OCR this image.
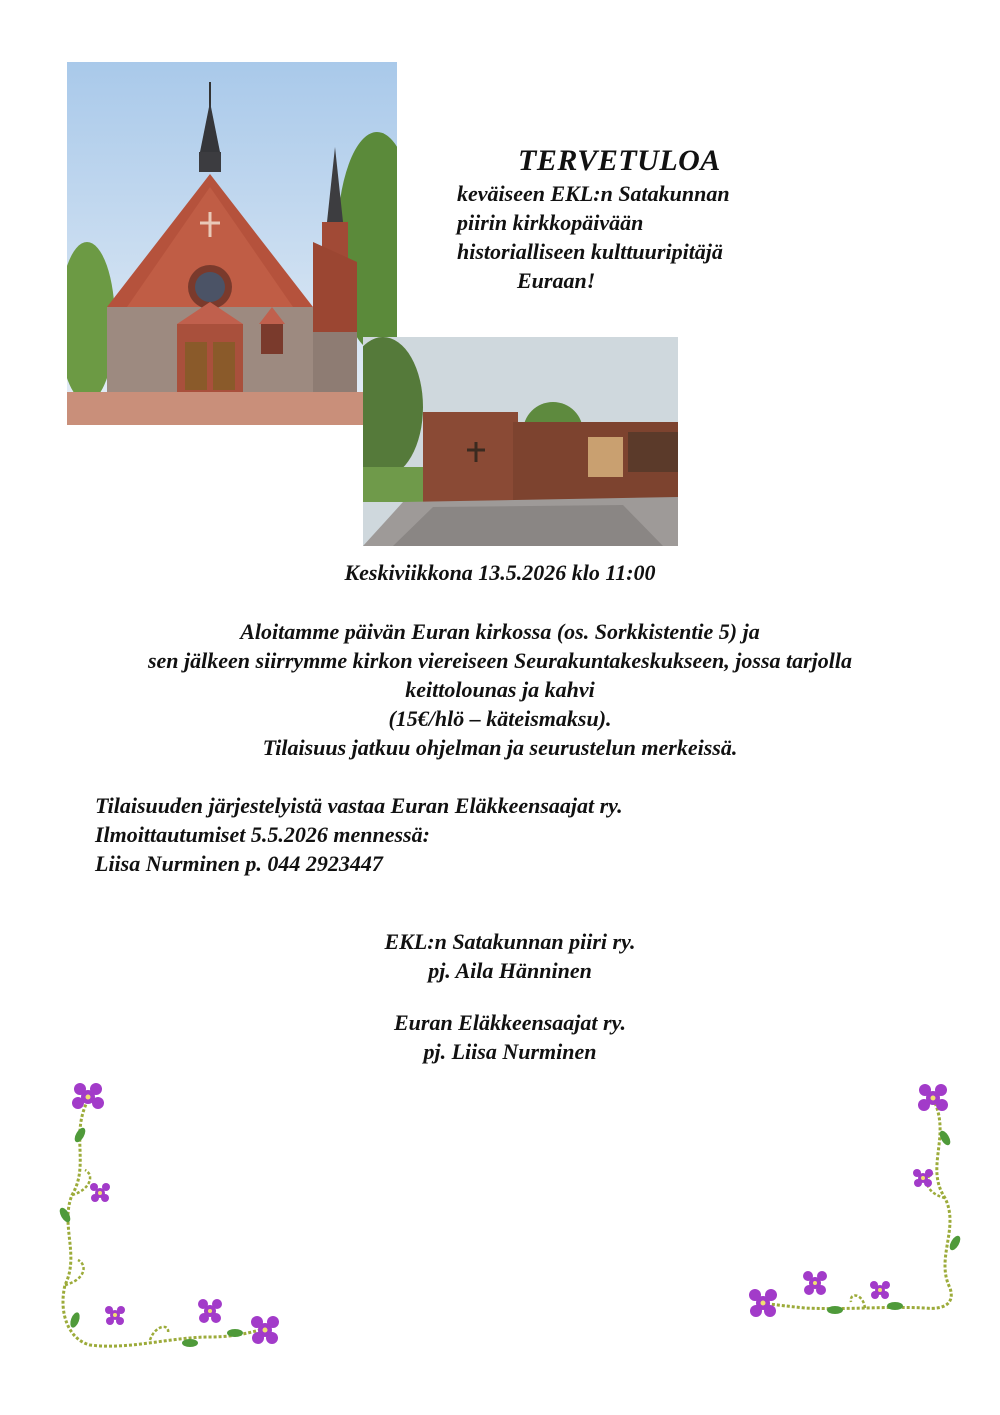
TERVETULOA
keväiseen EKL:n Satakunnan
piirin kirkkopäivään
historialliseen kulttuuripitäjä
Euraan!
Keskiviikkona 13.5.2026 klo 11:00
Aloitamme päivän Euran kirkossa (os. Sorkkistentie 5) ja
sen jälkeen siirrymme kirkon viereiseen Seurakuntakeskukseen, jossa tarjolla
keittolounas ja kahvi
(15€/hlö – käteismaksu).
Tilaisuus jatkuu ohjelman ja seurustelun merkeissä.
Tilaisuuden järjestelyistä vastaa Euran Eläkkeensaajat ry.
Ilmoittautumiset 5.5.2026 mennessä:
Liisa Nurminen p. 044 2923447
EKL:n Satakunnan piiri ry.
pj. Aila Hänninen
Euran Eläkkeensaajat ry.
pj. Liisa Nurminen
